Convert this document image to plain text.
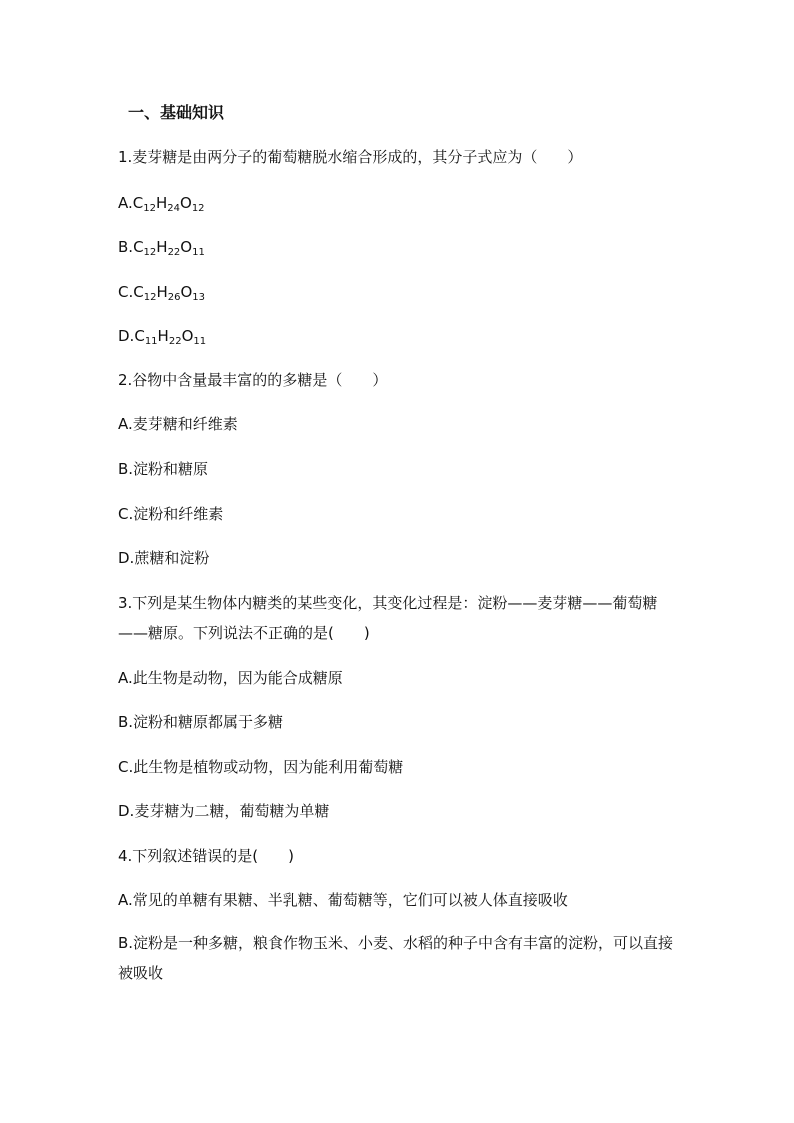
一、基础知识
1.麦芽糖是由两分子的葡萄糖脱水缩合形成的，其分子式应为（　　）
$A.C_{12}H_{24}O_{12}$
$B.C_{12}H_{22}O_{11}$
$C.C_{12}H_{26}O_{13}$
$D.C_{11}H_{22}O_{11}$
2.谷物中含量最丰富的的多糖是（　　）
A.麦芽糖和纤维素
B.淀粉和糖原
C.淀粉和纤维素
D.蔗糖和淀粉
3.下列是某生物体内糖类的某些变化，其变化过程是：淀粉——麦芽糖——葡萄糖——糖原。下列说法不正确的是(　　)
A.此生物是动物，因为能合成糖原
B.淀粉和糖原都属于多糖
C.此生物是植物或动物，因为能利用葡萄糖
D.麦芽糖为二糖，葡萄糖为单糖
4.下列叙述错误的是(　　)
A.常见的单糖有果糖、半乳糖、葡萄糖等，它们可以被人体直接吸收
B.淀粉是一种多糖，粮食作物玉米、小麦、水稻的种子中含有丰富的淀粉，可以直接被吸收
